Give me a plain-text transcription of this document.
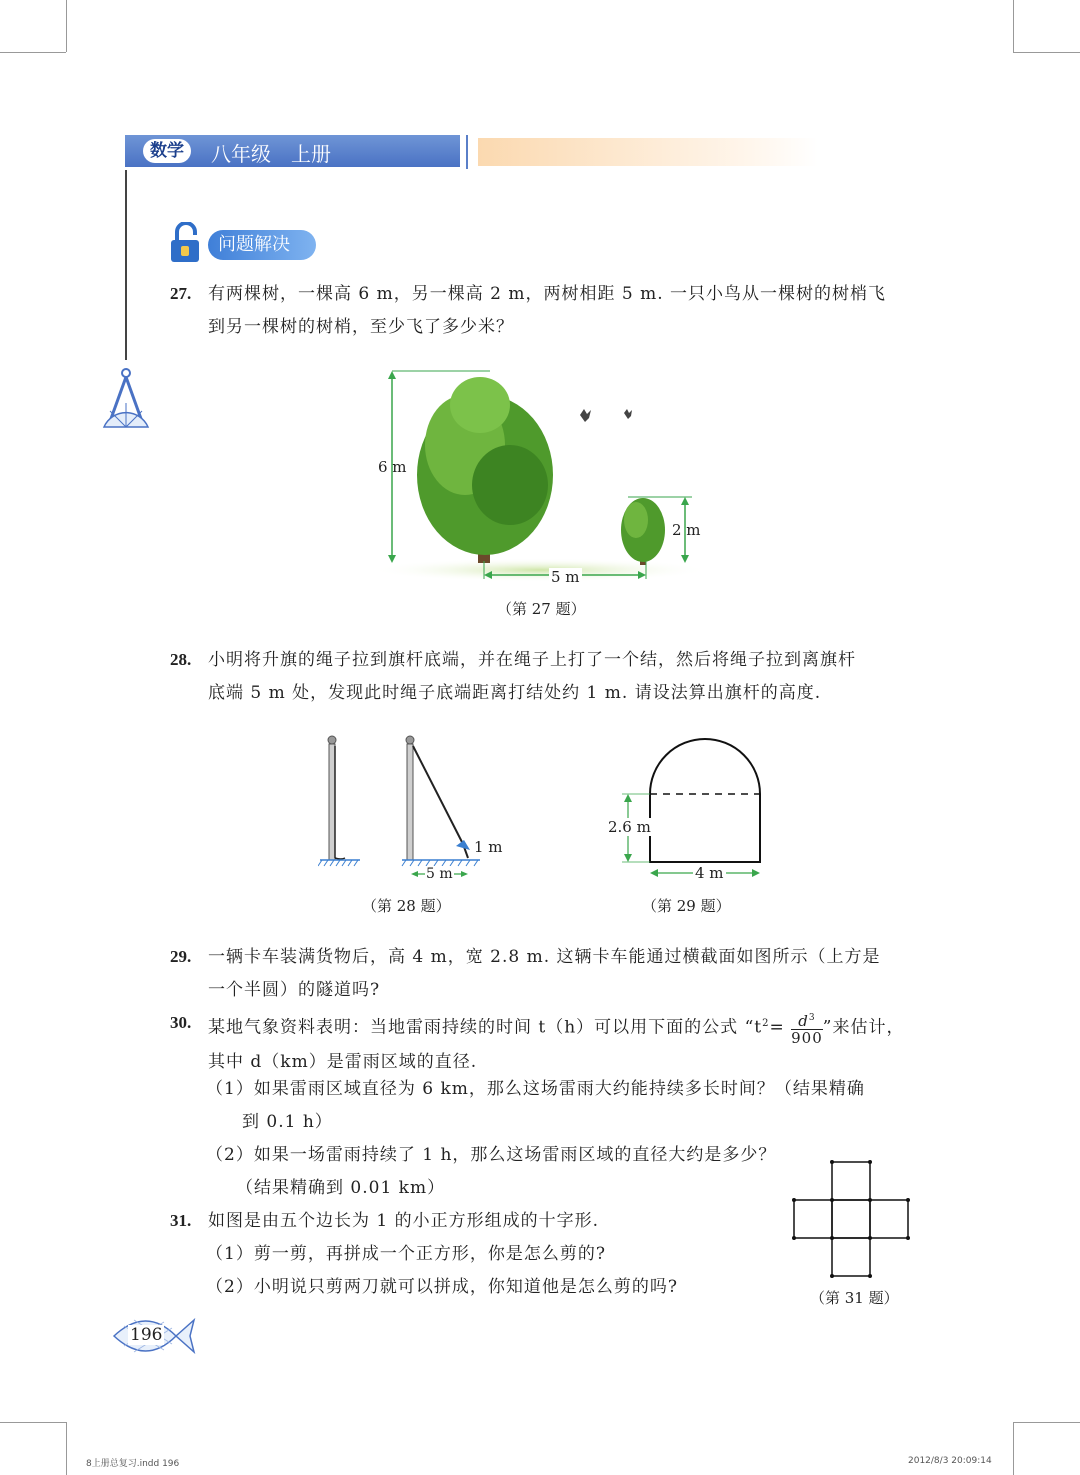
数学	八年级　上册
问题解决
27. 有两棵树，一棵高 6 m，另一棵高 2 m，两树相距 5 m. 一只小鸟从一棵树的树梢飞
到另一棵树的树梢，至少飞了多少米？
6 m
2 m
5 m
（第 27 题）
28. 小明将升旗的绳子拉到旗杆底端，并在绳子上打了一个结，然后将绳子拉到离旗杆
底端 5 m 处，发现此时绳子底端距离打结处约 1 m. 请设法算出旗杆的高度.
1 m
5 m
（第 28 题）
2.6 m
4 m
（第 29 题）
29. 一辆卡车装满货物后，高 4 m，宽 2.8 m. 这辆卡车能通过横截面如图所示（上方是
一个半圆）的隧道吗?
30. 某地气象资料表明：当地雷雨持续的时间 t（h）可以用下面的公式 “$t^2= \frac{d^3}{900}$ ”来估计，
其中 d（km）是雷雨区域的直径.
（1）如果雷雨区域直径为 6 km，那么这场雷雨大约能持续多长时间？（结果精确
到 0.1 h）
（2）如果一场雷雨持续了 1 h，那么这场雷雨区域的直径大约是多少？
（结果精确到 0.01 km）
31. 如图是由五个边长为 1 的小正方形组成的十字形.
（1）剪一剪，再拼成一个正方形，你是怎么剪的?
（2）小明说只剪两刀就可以拼成，你知道他是怎么剪的吗?
（第 31 题）
196
8上册总复习.indd 196	2012/8/3 20:09:14
